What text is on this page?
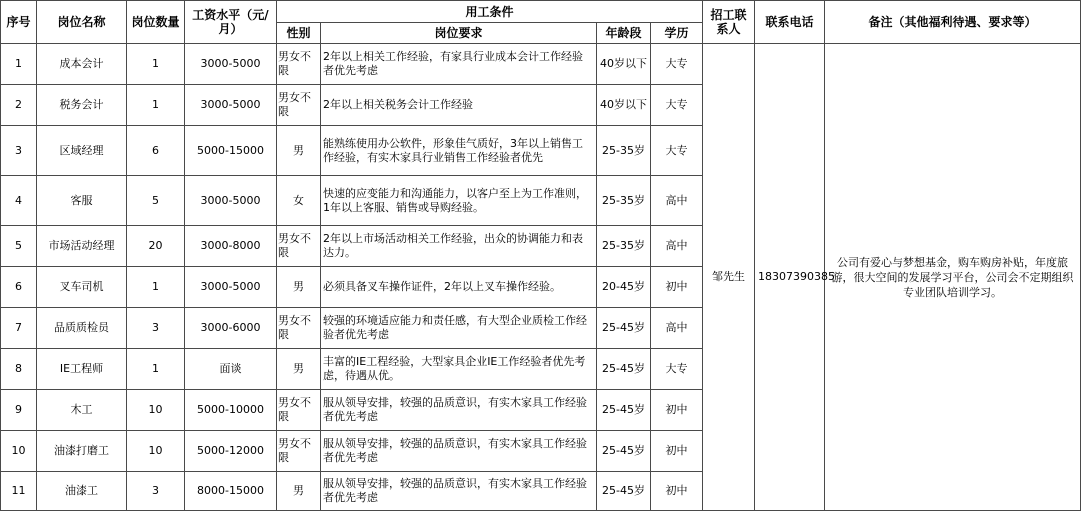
序号	岗位名称	岗位数量	工资水平（元/月）	用工条件				招工联系人	联系电话	备注（其他福利待遇、要求等）
				性别	岗位要求	年龄段	学历			
1	成本会计	1	3000-5000	男女不限	2年以上相关工作经验，有家具行业成本会计工作经验者优先考虑	40岁以下	大专	邹先生	18307390385	公司有爱心与梦想基金，购车购房补贴，年度旅游，很大空间的发展学习平台，公司会不定期组织专业团队培训学习。
2	税务会计	1	3000-5000	男女不限	2年以上相关税务会计工作经验	40岁以下	大专			
3	区域经理	6	5000-15000	男	能熟练使用办公软件，形象佳气质好，3年以上销售工作经验，有实木家具行业销售工作经验者优先	25-35岁	大专			
4	客服	5	3000-5000	女	快速的应变能力和沟通能力，以客户至上为工作准则，1年以上客服、销售或导购经验。	25-35岁	高中			
5	市场活动经理	20	3000-8000	男女不限	2年以上市场活动相关工作经验，出众的协调能力和表达力。	25-35岁	高中			
6	叉车司机	1	3000-5000	男	必须具备叉车操作证件，2年以上叉车操作经验。	20-45岁	初中			
7	品质质检员	3	3000-6000	男女不限	较强的环境适应能力和责任感，有大型企业质检工作经验者优先考虑	25-45岁	高中			
8	IE工程师	1	面谈	男	丰富的IE工程经验，大型家具企业IE工作经验者优先考虑，待遇从优。	25-45岁	大专			
9	木工	10	5000-10000	男女不限	服从领导安排，较强的品质意识，有实木家具工作经验者优先考虑	25-45岁	初中			
10	油漆打磨工	10	5000-12000	男女不限	服从领导安排，较强的品质意识，有实木家具工作经验者优先考虑	25-45岁	初中			
11	油漆工	3	8000-15000	男	服从领导安排，较强的品质意识，有实木家具工作经验者优先考虑	25-45岁	初中			
